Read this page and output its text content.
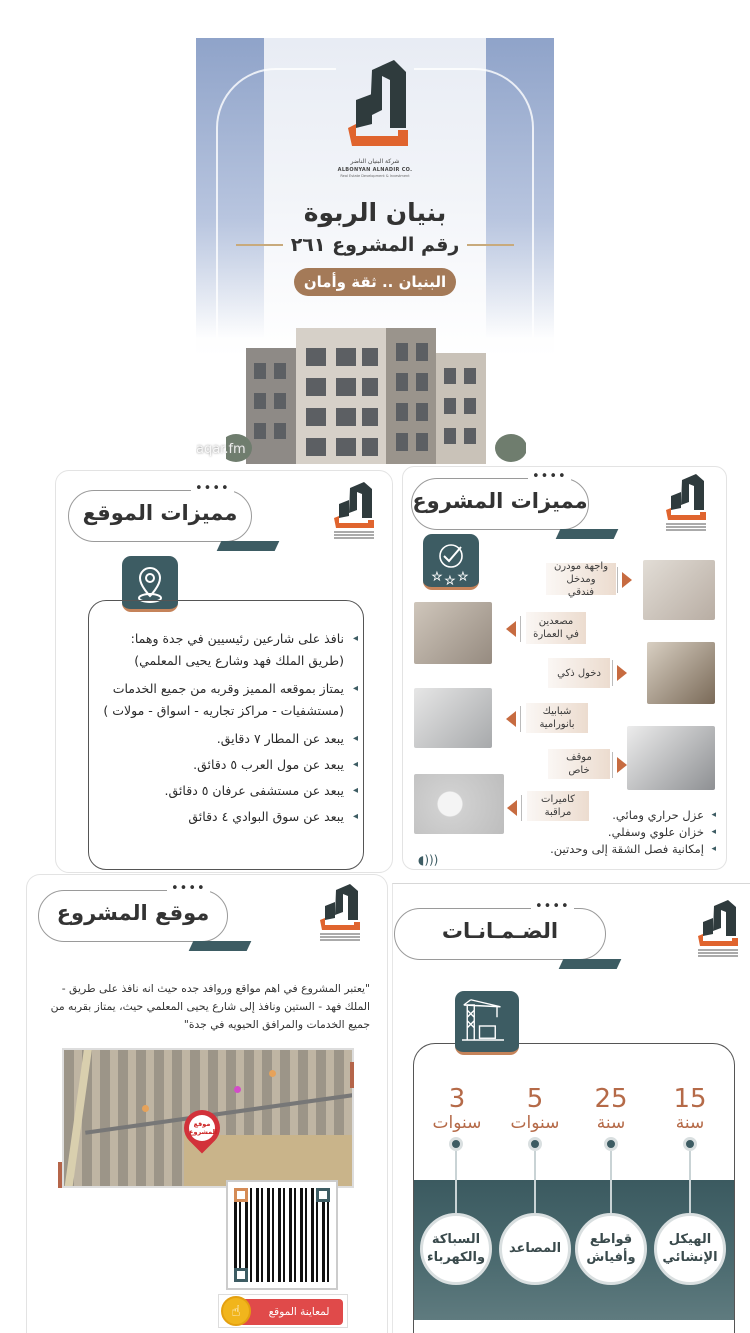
شركة البنيان الناضر
ALBONYAN ALNADIR CO.
Real Estate Development & Investment
بنيان الربوة
رقم المشروع ٢٦١
البنيان .. ثقة وأمان
aqar.fm
••••
مميزات الموقع
◂ نافذ على شارعين رئيسيين في جدة وهما: (طريق الملك فهد وشارع يحيى المعلمي)
◂ يمتاز بموقعه المميز وقربه من جميع الخدمات (مستشفيات - مراكز تجاريه - اسواق - مولات )
◂ يبعد عن المطار ٧ دقايق.
◂ يبعد عن مول العرب ٥ دقائق.
◂ يبعد عن مستشفى عرفان ٥ دقائق.
◂ يبعد عن سوق البوادي ٤ دقائق
••••
مميزات المشروع
★ ★ ★
واجهة مودرن ومدخل فندقي
مصعدين في العمارة
دخول ذكي
شبابيك بانورامية
موقف خاص
كاميرات مراقبة	◂ عزل حراري ومائي.
◂ خزان علوي وسفلي.
◂ إمكانية فصل الشقة إلى وحدتين.
◖)))
••••
موقع المشروع
"يعتبر المشروع في اهم مواقع وروافد جده حيث انه نافذ على طريق - الملك فهد - الستين ونافذ إلى شارع يحيى المعلمي حيث، يمتاز بقربه من جميع الخدمات والمرافق الحيويه في جدة"
موقع المشروع
لمعاينة الموقع
☝
••••
الضـمـانـات
15
سنة
25
سنة
5
سنوات
3
سنوات
الهيكل الإنشائي
قواطع وأفياش
المصاعد
السباكة والكهرباء
